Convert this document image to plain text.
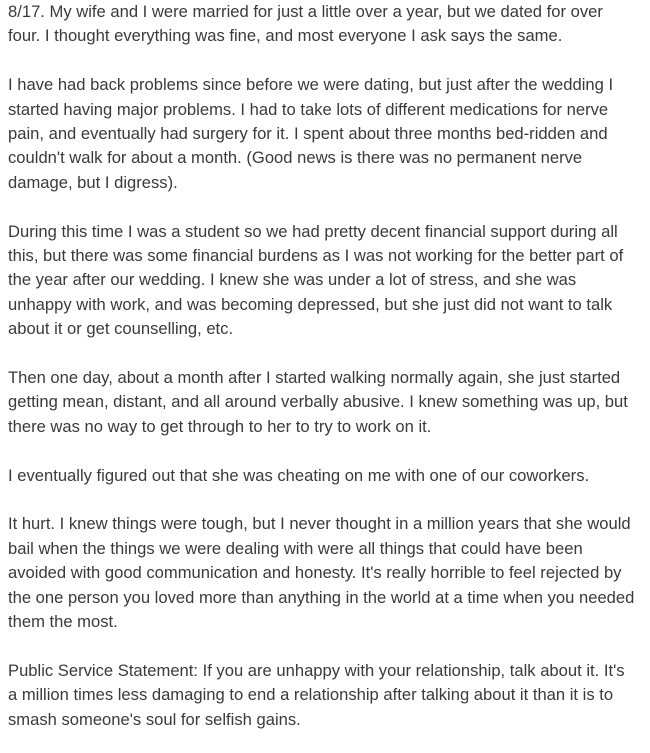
8/17. My wife and I were married for just a little over a year, but we dated for over four. I thought everything was fine, and most everyone I ask says the same.

I have had back problems since before we were dating, but just after the wedding I started having major problems. I had to take lots of different medications for nerve pain, and eventually had surgery for it. I spent about three months bed-ridden and couldn't walk for about a month. (Good news is there was no permanent nerve damage, but I digress).

During this time I was a student so we had pretty decent financial support during all this, but there was some financial burdens as I was not working for the better part of the year after our wedding. I knew she was under a lot of stress, and she was unhappy with work, and was becoming depressed, but she just did not want to talk about it or get counselling, etc.

Then one day, about a month after I started walking normally again, she just started getting mean, distant, and all around verbally abusive. I knew something was up, but there was no way to get through to her to try to work on it.

I eventually figured out that she was cheating on me with one of our coworkers.

It hurt. I knew things were tough, but I never thought in a million years that she would bail when the things we were dealing with were all things that could have been avoided with good communication and honesty. It's really horrible to feel rejected by the one person you loved more than anything in the world at a time when you needed them the most.

Public Service Statement: If you are unhappy with your relationship, talk about it. It's a million times less damaging to end a relationship after talking about it than it is to smash someone's soul for selfish gains.
